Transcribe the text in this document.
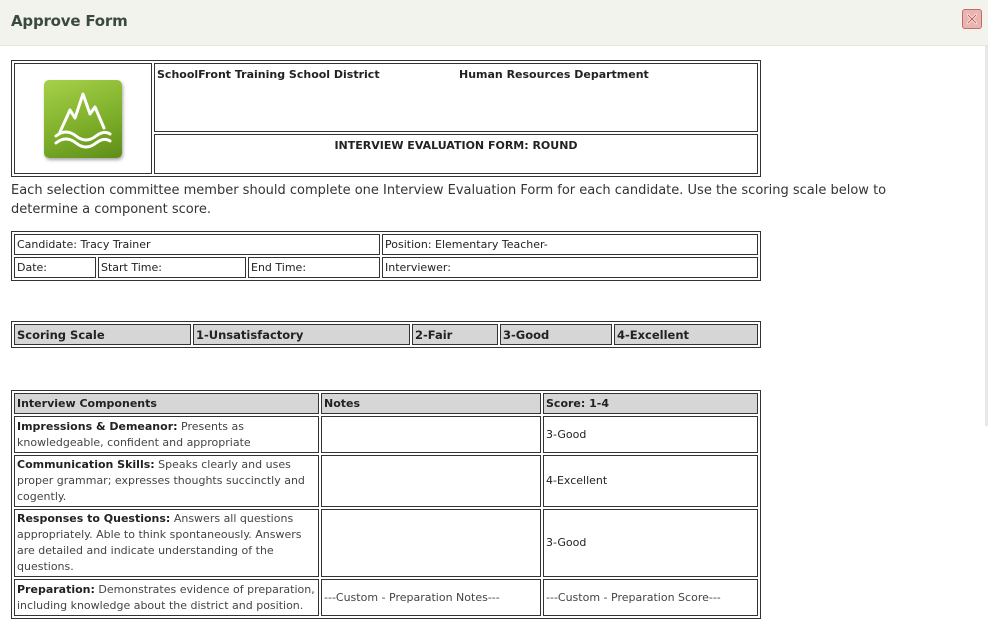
Approve Form

SchoolFront Training School District	Human Resources Department

INTERVIEW EVALUATION FORM: ROUND
Each selection committee member should complete one Interview Evaluation Form for each candidate. Use the scoring scale below to determine a component score.
Candidate: Tracy Trainer			Position: Elementary Teacher-
Date:	Start Time:	End Time:	Interviewer:
Scoring Scale	1-Unsatisfactory	2-Fair	3-Good	4-Excellent
Interview Components	Notes	Score: 1-4
Impressions & Demeanor: Presents as knowledgeable, confident and appropriate		3-Good
Communication Skills: Speaks clearly and uses proper grammar; expresses thoughts succinctly and cogently.		4-Excellent
Responses to Questions: Answers all questions appropriately. Able to think spontaneously. Answers are detailed and indicate understanding of the questions.		3-Good
Preparation: Demonstrates evidence of preparation, including knowledge about the district and position.	---Custom - Preparation Notes---	---Custom - Preparation Score---
